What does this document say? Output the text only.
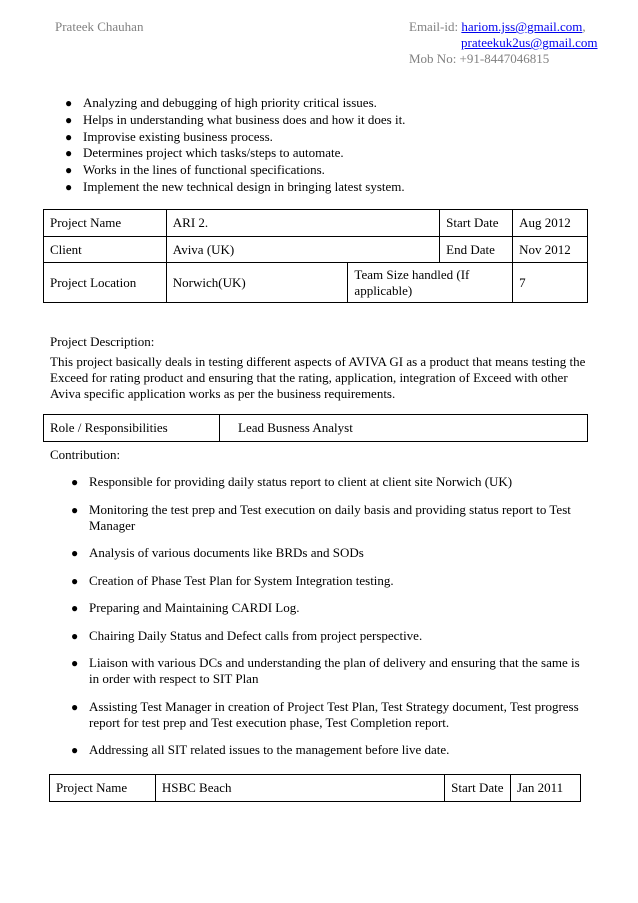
Prateek Chauhan	Email-id: hariom.jss@gmail.com,
prateekuk2us@gmail.com
Mob No: +91-8447046815
● Analyzing and debugging of high priority critical issues.
● Helps in understanding what business does and how it does it.
● Improvise existing business process.
● Determines project which tasks/steps to automate.
● Works in the lines of functional specifications.
● Implement the new technical design in bringing latest system.
Project Name	ARI 2.		Start Date	Aug 2012
Client	Aviva (UK)		End Date	Nov 2012
Project Location	Norwich(UK)	Team Size handled (If applicable)		7
Project Description:
This project basically deals in testing different aspects of AVIVA GI as a product that means testing the Exceed for rating product and ensuring that the rating, application, integration of Exceed with other Aviva specific application works as per the business requirements.
Role / Responsibilities	Lead Busness Analyst
Contribution:
● Responsible for providing daily status report to client at client site Norwich (UK)
● Monitoring the test prep and Test execution on daily basis and providing status report to Test Manager
● Analysis of various documents like BRDs and SODs
● Creation of Phase Test Plan for System Integration testing.
● Preparing and Maintaining CARDI Log.
● Chairing Daily Status and Defect calls from project perspective.
● Liaison with various DCs and understanding the plan of delivery and ensuring that the same is in order with respect to SIT Plan
● Assisting Test Manager in creation of Project Test Plan, Test Strategy document, Test progress report for test prep and Test execution phase, Test Completion report.
● Addressing all SIT related issues to the management before live date.
Project Name	HSBC Beach	Start Date	Jan 2011
